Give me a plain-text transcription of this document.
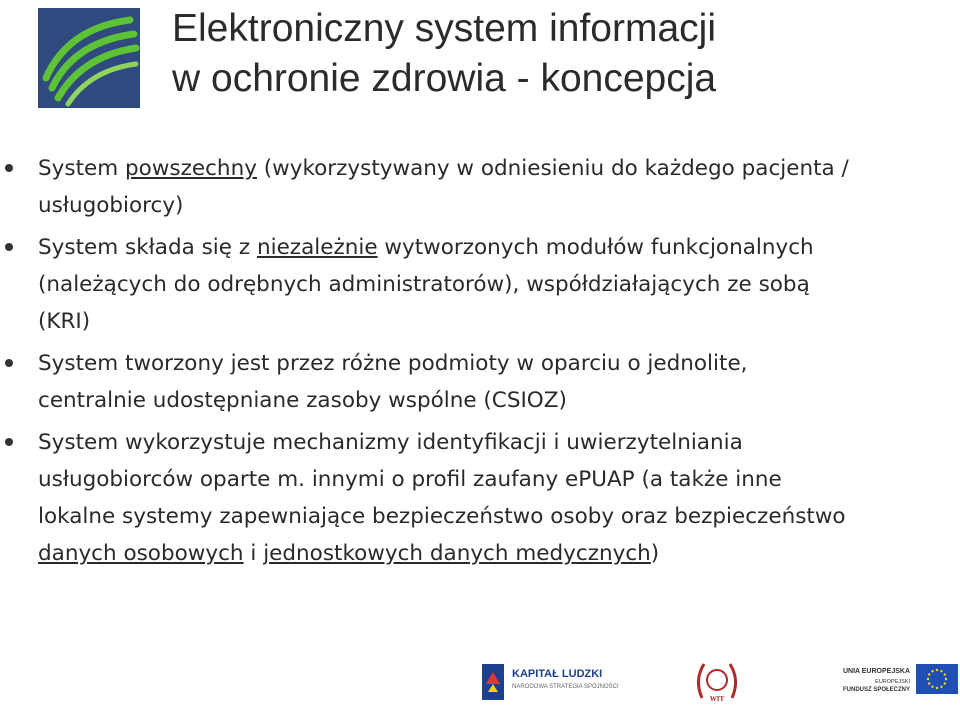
Elektroniczny system informacji
w ochronie zdrowia - koncepcja
System powszechny (wykorzystywany w odniesieniu do każdego pacjenta /
usługobiorcy)
System składa się z niezależnie wytworzonych modułów funkcjonalnych
(należących do odrębnych administratorów), współdziałających ze sobą
(KRI)
System tworzony jest przez różne podmioty w oparciu o jednolite,
centralnie udostępniane zasoby wspólne (CSIOZ)
System wykorzystuje mechanizmy identyfikacji i uwierzytelniania
usługobiorców oparte m. innymi o profil zaufany ePUAP (a także inne
lokalne systemy zapewniające bezpieczeństwo osoby oraz bezpieczeństwo
danych osobowych i jednostkowych danych medycznych)
KAPITAŁ LUDZKI
NARODOWA STRATEGIA SPÓJNOŚCI
WIT
UNIA EUROPEJSKA
EUROPEJSKI
FUNDUSZ SPOŁECZNY
